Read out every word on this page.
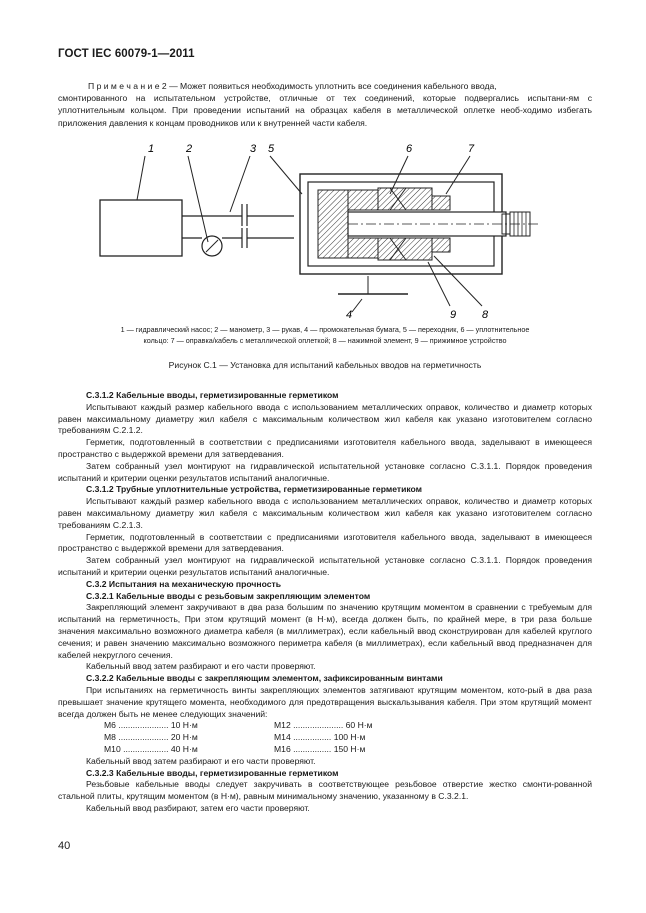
ГОСТ IEC 60079-1—2011
П р и м е ч а н и е 2 — Может появиться необходимость уплотнить все соединения кабельного ввода,
смонтированного на испытательном устройстве, отличные от тех соединений, которые подвергались испытани-ям с уплотнительным кольцом. При проведении испытаний на образцах кабеля в металлической оплетке необ-ходимо избегать приложения давления к концам проводников или к внутренней части кабеля.
1	2	3 5	6	7
4	9 8
1 — гидравлический насос; 2 — манометр, 3 — рукав, 4 — промокательная бумага, 5 — переходник, 6 — уплотнительное
кольцо: 7 — оправка/кабель с металлической оплеткой; 8 — нажимной элемент, 9 — прижимное устройство
Рисунок С.1 — Установка для испытаний кабельных вводов на герметичность

С.3.1.2 Кабельные вводы, герметизированные герметиком

Испытывают каждый размер кабельного ввода с использованием металлических оправок, количество и диаметр которых равен максимальному диаметру жил кабеля с максимальным количеством жил кабеля как указано изготовителем согласно требованиям С.2.1.2.

Герметик, подготовленный в соответствии с предписаниями изготовителя кабельного ввода, заделывают в имеющееся пространство с выдержкой времени для затвердевания.

Затем собранный узел монтируют на гидравлической испытательной установке согласно С.3.1.1. Порядок проведения испытаний и критерии оценки результатов испытаний аналогичные.

С.3.1.2 Трубные уплотнительные устройства, герметизированные герметиком

Испытывают каждый размер кабельного ввода с использованием металлических оправок, количество и диаметр которых равен максимальному диаметру жил кабеля с максимальным количеством жил кабеля как указано изготовителем согласно требованиям С.2.1.3.

Герметик, подготовленный в соответствии с предписаниями изготовителя кабельного ввода, заделывают в имеющееся пространство с выдержкой времени для затвердевания.

Затем собранный узел монтируют на гидравлической испытательной установке согласно С.3.1.1. Порядок проведения испытаний и критерии оценки результатов испытаний аналогичные.

С.3.2 Испытания на механическую прочность

С.3.2.1 Кабельные вводы с резьбовым закрепляющим элементом

Закрепляющий элемент закручивают в два раза большим по значению крутящим моментом в сравнении с требуемым для испытаний на герметичность, При этом крутящий момент (в Н·м), всегда должен быть, по крайней мере, в три раза больше значения максимально возможного диаметра кабеля (в миллиметрах), если кабельный ввод сконструирован для кабелей круглого сечения; и равен значению максимально возможного периметра кабеля (в миллиметрах), если кабельный ввод предназначен для кабелей некруглого сечения.

Кабельный ввод затем разбирают и его части проверяют.

С.3.2.2 Кабельные вводы с закрепляющим элементом, зафиксированным винтами

При испытаниях на герметичность винты закрепляющих элементов затягивают крутящим моментом, кото-рый в два раза превышает значение крутящего момента, необходимого для предотвращения выскальзывания кабеля. При этом крутящий момент всегда должен быть не менее следующих значений:

М6 ..................... 10 Н·м	М12 ..................... 60 Н·м
М8 ..................... 20 Н·м	М14 ................ 100 Н·м
М10 ................... 40 Н·м	М16 ................ 150 Н·м

Кабельный ввод затем разбирают и его части проверяют.

С.3.2.3 Кабельные вводы, герметизированные герметиком

Резьбовые кабельные вводы следует закручивать в соответствующее резьбовое отверстие жестко смонти-рованной стальной плиты, крутящим моментом (в Н·м), равным минимальному значению, указанному в С.3.2.1.

Кабельный ввод разбирают, затем его части проверяют.

40
